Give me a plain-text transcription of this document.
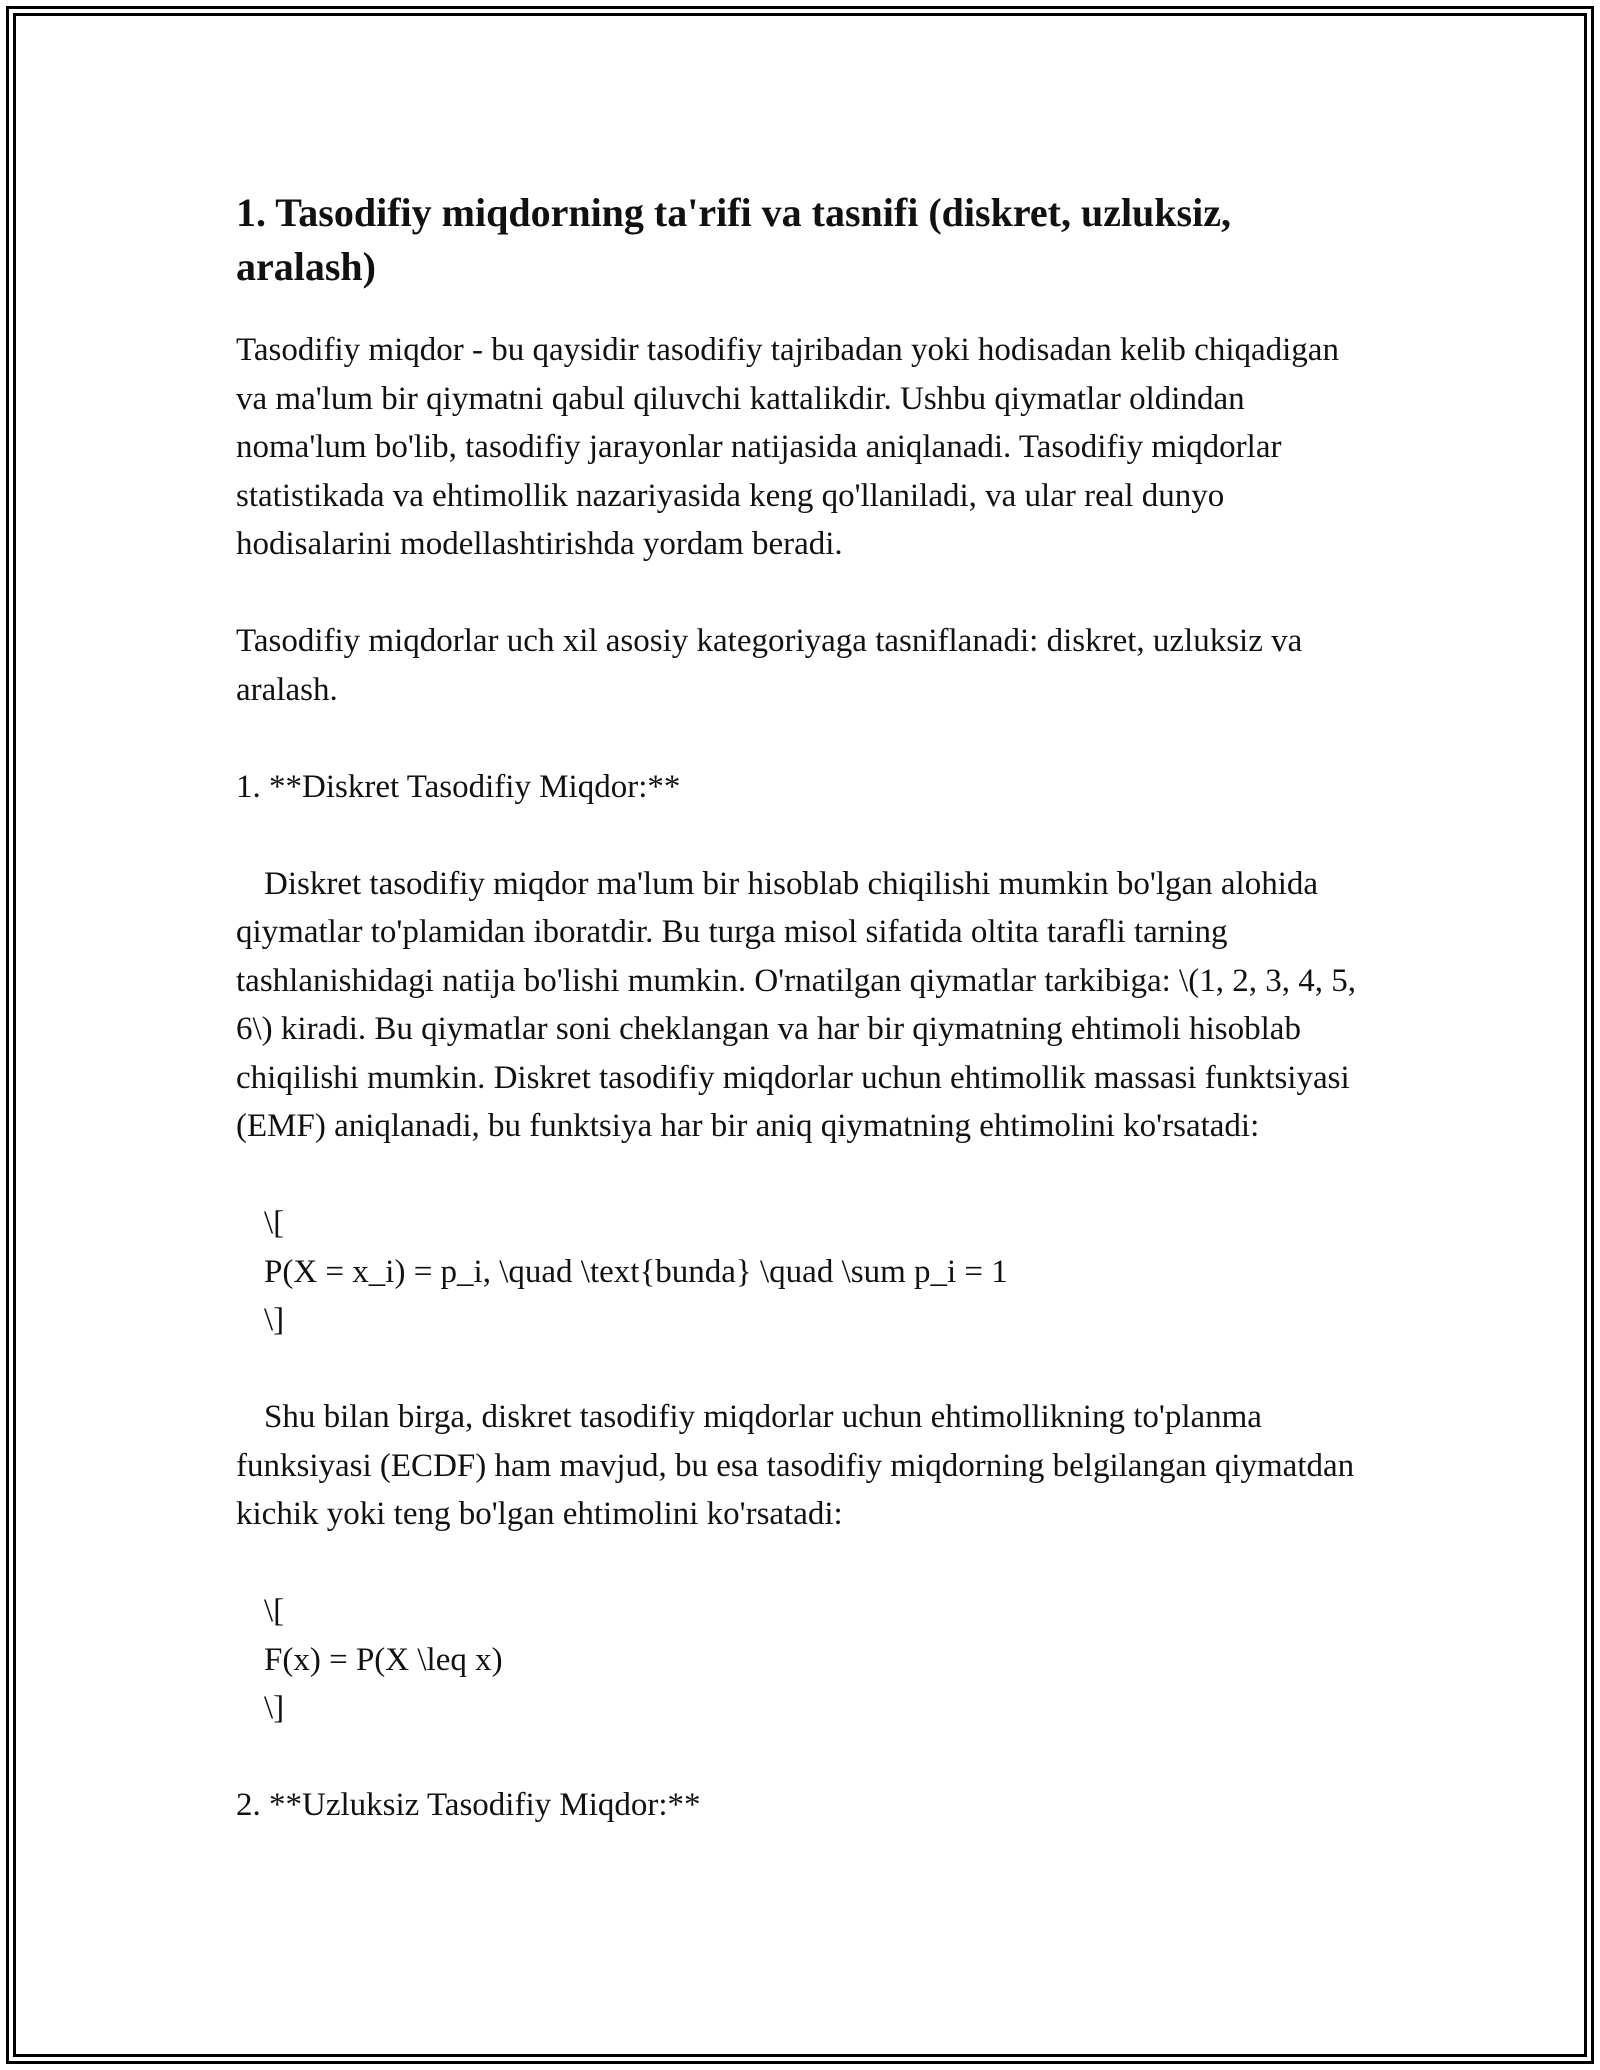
1. Tasodifiy miqdorning ta'rifi va tasnifi (diskret, uzluksiz, aralash)

Tasodifiy miqdor - bu qaysidir tasodifiy tajribadan yoki hodisadan kelib chiqadigan va ma'lum bir qiymatni qabul qiluvchi kattalikdir. Ushbu qiymatlar oldindan noma'lum bo'lib, tasodifiy jarayonlar natijasida aniqlanadi. Tasodifiy miqdorlar statistikada va ehtimollik nazariyasida keng qo'llaniladi, va ular real dunyo hodisalarini modellashtirishda yordam beradi.

Tasodifiy miqdorlar uch xil asosiy kategoriyaga tasniflanadi: diskret, uzluksiz va aralash.

1. **Diskret Tasodifiy Miqdor:**

Diskret tasodifiy miqdor ma'lum bir hisoblab chiqilishi mumkin bo'lgan alohida qiymatlar to'plamidan iboratdir. Bu turga misol sifatida oltita tarafli tarning tashlanishidagi natija bo'lishi mumkin. O'rnatilgan qiymatlar tarkibiga: \(1, 2, 3, 4, 5, 6\) kiradi. Bu qiymatlar soni cheklangan va har bir qiymatning ehtimoli hisoblab chiqilishi mumkin. Diskret tasodifiy miqdorlar uchun ehtimollik massasi funktsiyasi (EMF) aniqlanadi, bu funktsiya har bir aniq qiymatning ehtimolini ko'rsatadi:

\[

P(X = x_i) = p_i, \quad \text{bunda} \quad \sum p_i = 1

\]

Shu bilan birga, diskret tasodifiy miqdorlar uchun ehtimollikning to'planma funksiyasi (ECDF) ham mavjud, bu esa tasodifiy miqdorning belgilangan qiymatdan kichik yoki teng bo'lgan ehtimolini ko'rsatadi:

\[

F(x) = P(X \leq x)

\]

2. **Uzluksiz Tasodifiy Miqdor:**
